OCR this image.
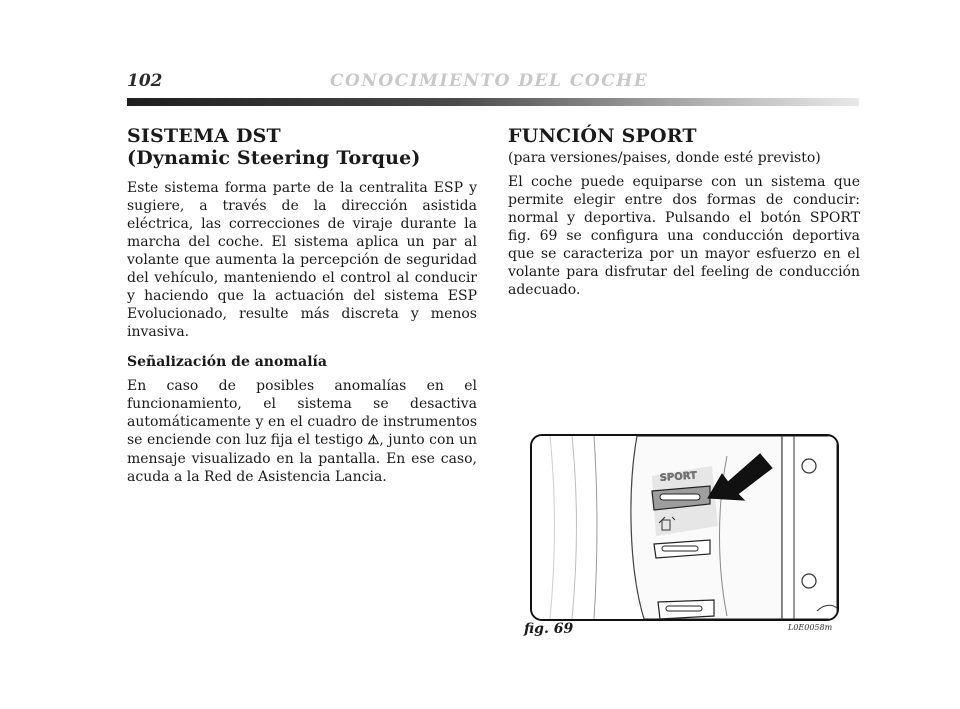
102	CONOCIMIENTO DEL COCHE
SISTEMA DST
(Dynamic Steering Torque)

Este sistema forma parte de la centralita ESP y sugiere, a través de la dirección asistida eléctrica, las correcciones de viraje durante la marcha del coche. El sistema aplica un par al volante que aumenta la percepción de seguridad del vehículo, manteniendo el control al conducir y haciendo que la actuación del sistema ESP Evolucionado, resulte más discreta y menos invasiva.

Señalización de anomalía

En caso de posibles anomalías en el funcionamiento, el sistema se desactiva automáticamente y en el cuadro de instrumentos se enciende con luz fija el testigo ⚠, junto con un mensaje visualizado en la pantalla. En ese caso, acuda a la Red de Asistencia Lancia.

FUNCIÓN SPORT
(para versiones/paises, donde esté previsto)

El coche puede equiparse con un sistema que permite elegir entre dos formas de conducir: normal y deportiva. Pulsando el botón SPORT fig. 69 se configura una conducción deportiva que se caracteriza por un mayor esfuerzo en el volante para disfrutar del feeling de conducción adecuado.

SPORT
fig. 69	L0E0058m
